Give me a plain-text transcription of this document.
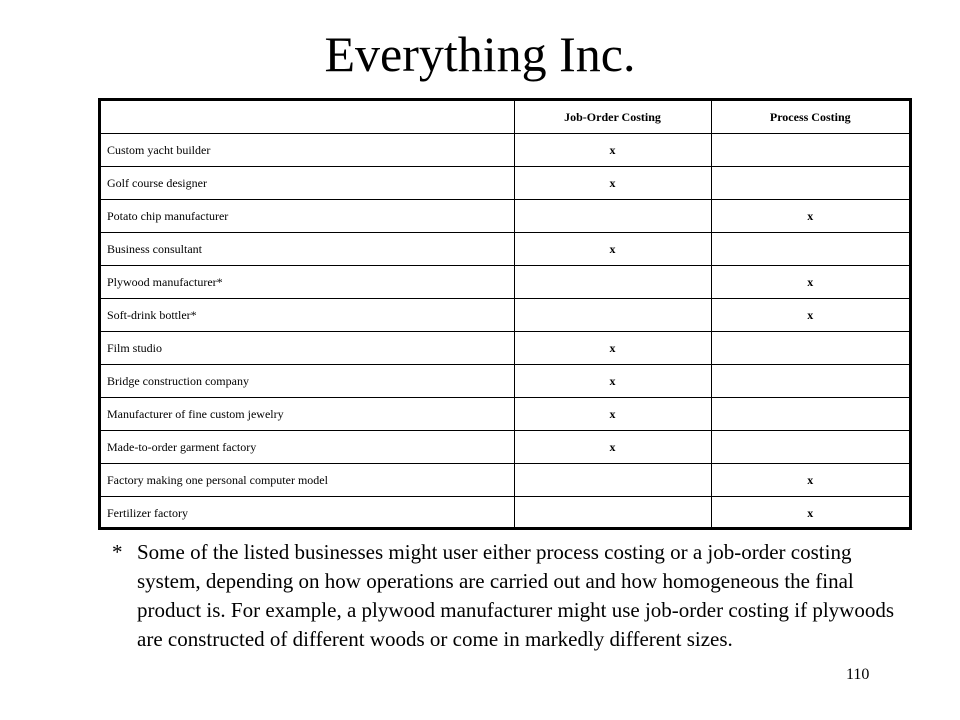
Everything Inc.
	Job-Order Costing	Process Costing
Custom yacht builder	x	
Golf course designer	x	
Potato chip manufacturer		x
Business consultant	x	
Plywood manufacturer*		x
Soft-drink bottler*		x
Film studio	x	
Bridge construction company	x	
Manufacturer of fine custom jewelry	x	
Made-to-order garment factory	x	
Factory making one personal computer model		x
Fertilizer factory		x
* Some of the listed businesses might user either process costing or a job-order costing system, depending on how operations are carried out and how homogeneous the final product is. For example, a plywood manufacturer might use job-order costing if plywoods are constructed of different woods or come in markedly different sizes.
110
